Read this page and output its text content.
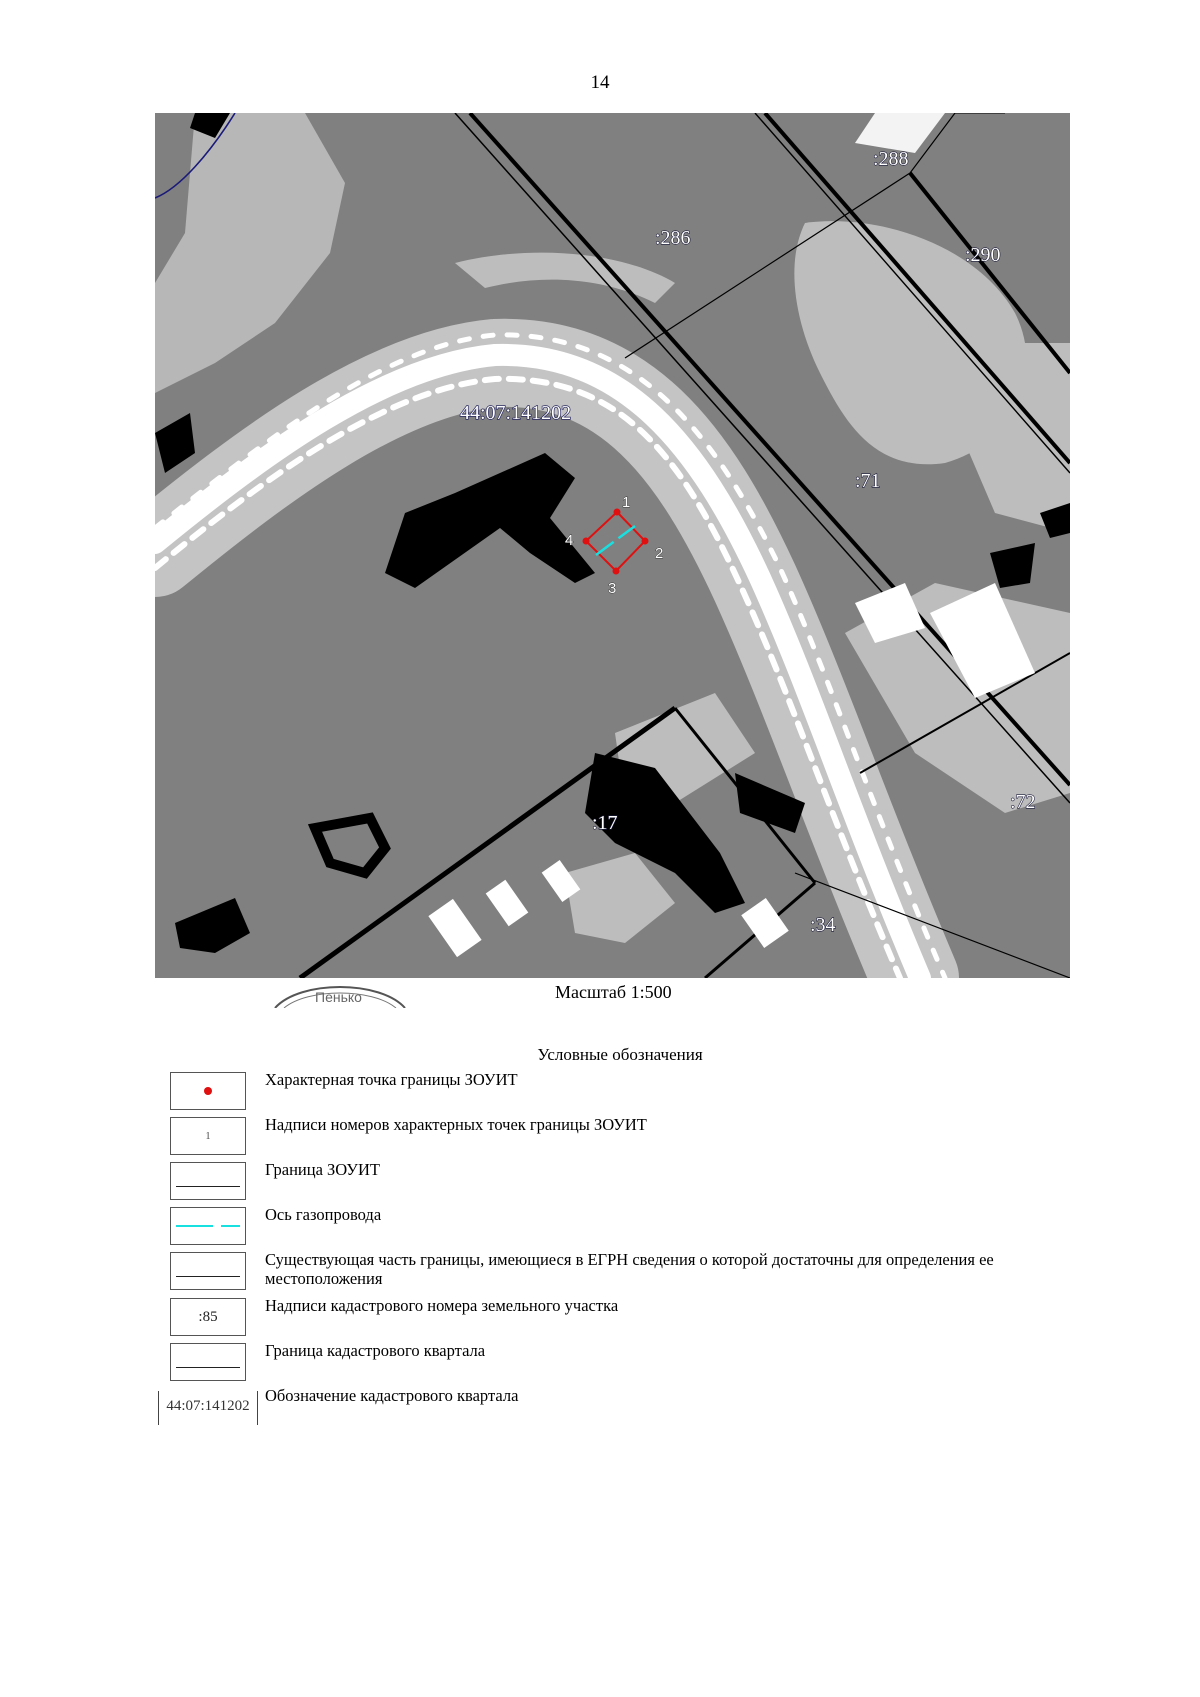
14
:288
:286
:290
:71
:72
:17
:34
44:07:141202
1
2
3
4
Пенько	Масштаб 1:500
Условные обозначения
Характерная точка границы ЗОУИТ
1
Надписи номеров характерных точек границы ЗОУИТ
Граница ЗОУИТ
Ось газопровода
Существующая часть границы, имеющиеся в ЕГРН сведения о которой достаточны для определения ее местоположения
:85
Надписи кадастрового номера земельного участка
Граница кадастрового квартала
44:07:141202
Обозначение кадастрового квартала
